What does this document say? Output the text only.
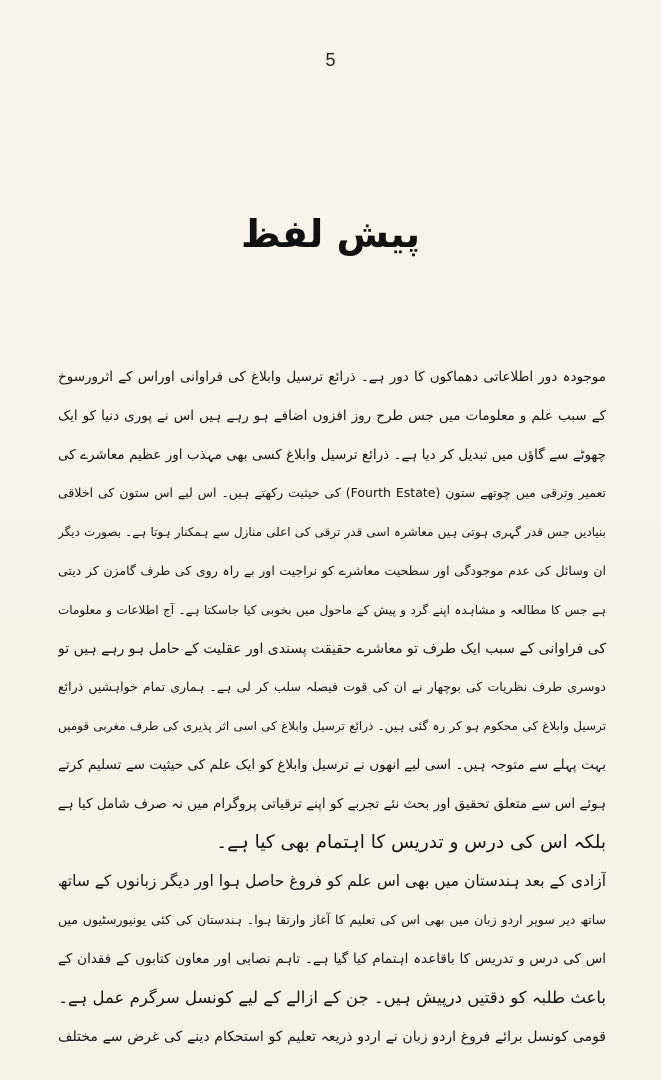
5
پیش لفظ
موجودہ دور اطلاعاتی دھماکوں کا دور ہے۔ ذرائع ترسیل وابلاغ کی فراوانی اوراس کے اثرورسوخ
کے سبب علم و معلومات میں جس طرح روز افزوں اضافے ہو رہے ہیں اس نے پوری دنیا کو ایک
چھوٹے سے گاؤں میں تبدیل کر دیا ہے۔ ذرائع ترسیل وابلاغ کسی بھی مہذب اور عظیم معاشرے کی
تعمیر وترقی میں چوتھے ستون (Fourth Estate) کی حیثیت رکھتے ہیں۔ اس لیے اس ستون کی اخلاقی
بنیادیں جس قدر گہری ہوتی ہیں معاشرہ اسی قدر ترقی کی اعلی منازل سے ہمکنار ہوتا ہے۔ بصورت دیگر
ان وسائل کی عدم موجودگی اور سطحیت معاشرے کو نراجیت اور بے راہ روی کی طرف گامزن کر دیتی
ہے جس کا مطالعہ و مشاہدہ اپنے گرد و پیش کے ماحول میں بخوبی کیا جاسکتا ہے۔ آج اطلاعات و معلومات
کی فراوانی کے سبب ایک طرف تو معاشرے حقیقت پسندی اور عقلیت کے حامل ہو رہے ہیں تو
دوسری طرف نظریات کی بوچھار نے ان کی قوت فیصلہ سلب کر لی ہے۔ ہماری تمام خواہشیں ذرائع
ترسیل وابلاغ کی محکوم ہو کر رہ گئی ہیں۔ ذرائع ترسیل وابلاغ کی اسی اثر پذیری کی طرف مغربی قومیں
بہت پہلے سے متوجہ ہیں۔ اسی لیے انھوں نے ترسیل وابلاغ کو ایک علم کی حیثیت سے تسلیم کرتے
ہوئے اس سے متعلق تحقیق اور بحث نئے تجربے کو اپنے ترقیاتی پروگرام میں نہ صرف شامل کیا ہے
بلکہ اس کی درس و تدریس کا اہتمام بھی کیا ہے۔
آزادی کے بعد ہندستان میں بھی اس علم کو فروغ حاصل ہوا اور دیگر زبانوں کے ساتھ
ساتھ دیر سویر اردو زبان میں بھی اس کی تعلیم کا آغاز وارتقا ہوا۔ ہندستان کی کئی یونیورسٹیوں میں
اس کی درس و تدریس کا باقاعدہ اہتمام کیا گیا ہے۔ تاہم نصابی اور معاون کتابوں کے فقدان کے
باعث طلبہ کو دقتیں درپیش ہیں۔ جن کے ازالے کے لیے کونسل سرگرم عمل ہے۔
قومی کونسل برائے فروغ اردو زبان نے اردو ذریعہ تعلیم کو استحکام دینے کی غرض سے مختلف
